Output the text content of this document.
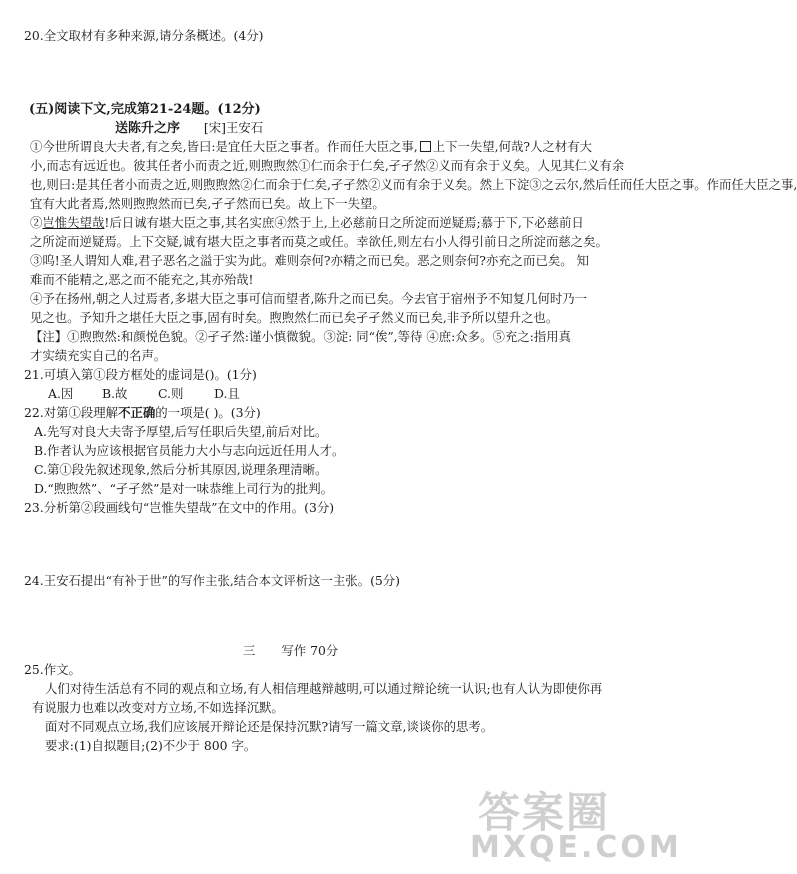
20.全文取材有多种来源,请分条概述。(4分)
(五)阅读下文,完成第21-24题。(12分)
送陈升之序 [宋]王安石
①今世所谓良大夫者,有之矣,皆曰:是宜任大臣之事者。作而任大臣之事, 上下一失望,何哉?人之材有大
小,而志有远近也。彼其任者小而责之近,则煦煦然①仁而余于仁矣,孑孑然②义而有余于义矣。人见其仁义有余
也,则曰:是其任者小而责之近,则煦煦然②仁而余于仁矣,孑孑然②义而有余于义矣。然上下淀③之云尔,然后任而任大臣之事。作而任大臣之事,
宜有大此者焉,然则煦煦然而已矣,孑孑然而已矣。故上下一失望。
②岂惟失望哉!后日诚有堪大臣之事,其名实庶④然于上,上必慈前日之所淀而逆疑焉;慕于下,下必慈前日
之所淀而逆疑焉。上下交疑,诚有堪大臣之事者而莫之或任。幸欲任,则左右小人得引前日之所淀而慈之矣。
③呜!圣人谓知人难,君子恶名之溢于实为此。难则奈何?亦精之而已矣。恶之则奈何?亦充之而已矣。 知
难而不能精之,恶之而不能充之,其亦殆哉!
④予在扬州,朝之人过焉者,多堪大臣之事可信而望者,陈升之而已矣。今去官于宿州予不知复几何时乃一
见之也。予知升之堪任大臣之事,固有时矣。煦煦然仁而已矣孑孑然义而已矣,非予所以望升之也。
【注】①煦煦然:和颜悦色貌。②孑孑然:谨小慎微貌。③淀: 同“俟”,等待 ④庶:众多。⑤充之:指用真
才实绩充实自己的名声。
21.可填入第①段方框处的虚词是()。(1分)
A.因 B.故 C.则 D.且
22.对第①段理解不正确的一项是( )。(3分)
A.先写对良大夫寄予厚望,后写任职后失望,前后对比。
B.作者认为应该根据官员能力大小与志向远近任用人才。
C.第①段先叙述现象,然后分析其原因,说理条理清晰。
D.“煦煦然”、“孑孑然”是对一味恭维上司行为的批判。
23.分析第②段画线句“岂惟失望哉”在文中的作用。(3分)
24.王安石提出“有补于世”的写作主张,结合本文评析这一主张。(5分)
三 写作 70分
25.作文。
人们对待生活总有不同的观点和立场,有人相信理越辩越明,可以通过辩论统一认识;也有人认为即使你再
有说服力也难以改变对方立场,不如选择沉默。
面对不同观点立场,我们应该展开辩论还是保持沉默?请写一篇文章,谈谈你的思考。
要求:(1)自拟题目;(2)不少于 800 字。
答案圈
MXQE.COM
